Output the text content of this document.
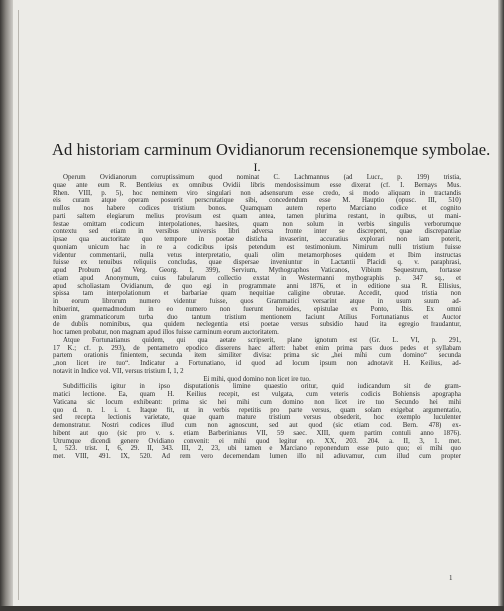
Ad historiam carminum Ovidianorum recensionemque symbolae.
I.
Operum Ovidianorum corruptissimum quod nominat C. Lachmannus (ad Lucr., p. 199) tristia,
quae ante eum R. Bentleius ex omnibus Ovidii libris mendosissimum esse dixerat (cf. I. Bernays Mus.
Rhen. VIII, p. 5), hoc neminem viro singulari non adsensurum esse credo, si modo aliquam in tractandis
eis curam atque operam posuerit perscrutatique sibi, concedendum esse M. Hauptio (opusc. III, 510)
nullos nos habere codices tristium bonos. Quamquam autem reperto Marciano codice et cognito
parti saltem elegiarum melius provisum est quam antea, tamen plurima restant, in quibus, ut mani-
festae omittam codicum interpolationes, haesites, quam non solum in verbis singulis verborumque
contextu sed etiam in versibus universis libri adversa fronte inter se discrepent, quae discrepantiae
ipsae qua auctoritate quo tempore in poetae disticha invaserint, accuratius explorari non iam poterit,
quoniam unicum hac in re a codicibus ipsis petendum est testimonium. Nimirum nulli tristium fuisse
videntur commentarii, nulla vetus interpretatio, quali olim metamorphoses quidem et Ibim instructas
fuisse ex tenuibus reliquiis concludas, quae dispersae inveniuntur in Lactantii Placidi q. v. paraphrasi,
apud Probum (ad Verg. Georg. I, 399), Servium, Mythographos Vaticanos, Vibium Sequestrum, fortasse
etiam apud Anonymum, cuius fabularum collectio exstat in Westermanni mythographis p. 347 sq., et
apud scholiastam Ovidianum, de quo egi in programmate anni 1876, et in editione sua R. Ellisius,
spissa tam interpolationum et barbariae quam nequitiae caligine obrutae. Accedit, quod tristia non
in eorum librorum numero videntur fuisse, quos Grammatici versarint atque in usum suum ad-
hibuerint, quemadmodum in eo numero non fuerunt heroides, epistulae ex Ponto, Ibis. Ex omni
enim grammaticorum turba duo tantum tristium mentionem faciunt Atilius Fortunatianus et Auctor
de dubiis nominibus, qua quidem neclegentia etsi poetae versus subsidio haud ita egregio fraudantur,
hoc tamen probatur, non magnam apud illos fuisse carminum eorum auctoritatem.
Atque Fortunatianus quidem, qui qua aetate scripserit, plane ignotum est (Gr. L. VI, p. 291,
17 K.; cf. p. 293), de pentametro epodico disserens haec affert: habet enim prima pars duos pedes et syllabam
partem orationis finientem, secunda item similiter divisa: prima sic „hei mihi cum domino“ secunda
„non licet ire tuo“. Indicatur a Fortunatiano, id quod ad locum ipsum non adnotavit H. Keilius, ad-
notavit in Indice vol. VII, versus tristium I, 1, 2
Ei mihi, quod domino non licet ire tuo.
Subdifficilis igitur in ipso disputationis limine quaestio oritur, quid iudicandum sit de gram-
matici lectione. Ea, quam H. Keilius recepit, est vulgata, cum veteris codicis Bohiensis apographa
Vaticana sic locum exhibeant: prima sic hei mihi cum domino non licet ire tuo Secundo hei mihi
quo d. n. l. i. t. Itaque fit, ut in verbis repetitis pro parte versus, quam solam exigebat argumentatio,
sed recepta lectionis varietate, quae quam mature tristium versus obsederit, hoc exemplo luculenter
demonstratur. Nostri codices illud cum non agnoscunt, sed aut quod (sic etiam cod. Bern. 478) ex-
hibent aut quo (sic pro v. s. etiam Barberinianus VII, 59 saec. XIII, quem partim contuli anno 1876).
Utrumque dicendi genere Ovidiano convenit: ei mihi quod legitur ep. XX, 203. 204. a. II, 3, 1. met.
I, 523. trist. I, 6, 29. II, 343. III, 2, 23, ubi tamen e Marciano reponendum esse puto quo; ei mihi quo
met. VIII, 491. IX, 520. Ad rem vero decernendam lumen illo nil adiuvamur, cum illud cum propter
1
